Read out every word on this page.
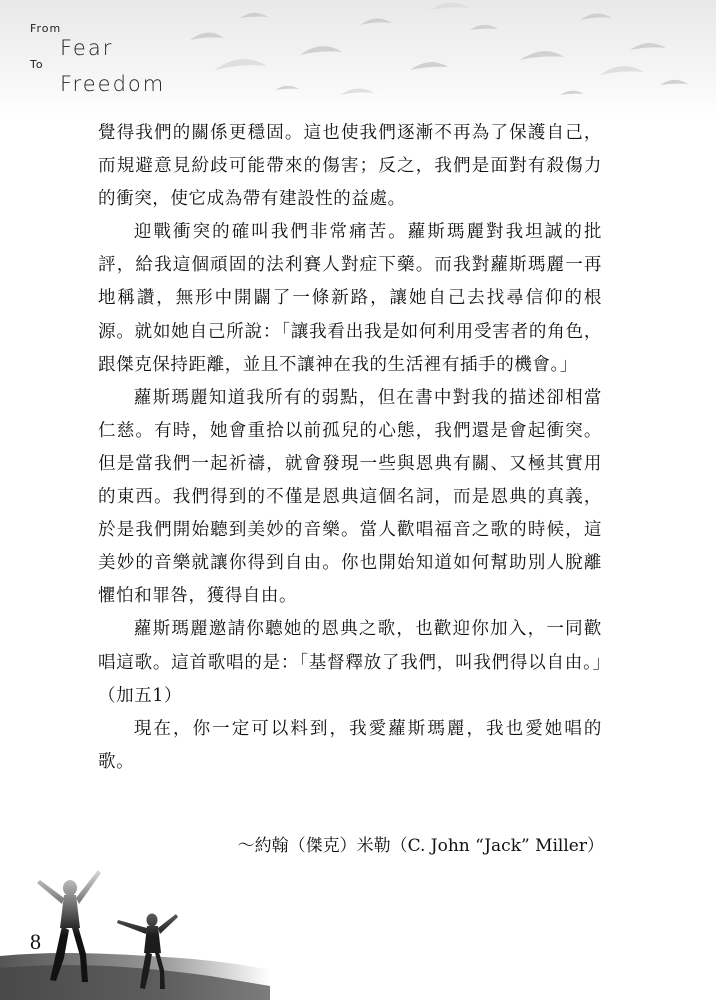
From
Fear
To
Freedom

覺得我們的關係更穩固。這也使我們逐漸不再為了保護自己，而規避意見紛歧可能帶來的傷害；反之，我們是面對有殺傷力的衝突，使它成為帶有建設性的益處。

迎戰衝突的確叫我們非常痛苦。蘿斯瑪麗對我坦誠的批評，給我這個頑固的法利賽人對症下藥。而我對蘿斯瑪麗一再地稱讚，無形中開闢了一條新路，讓她自己去找尋信仰的根源。就如她自己所說：「讓我看出我是如何利用受害者的角色，跟傑克保持距離，並且不讓神在我的生活裡有插手的機會。」

蘿斯瑪麗知道我所有的弱點，但在書中對我的描述卻相當仁慈。有時，她會重拾以前孤兒的心態，我們還是會起衝突。但是當我們一起祈禱，就會發現一些與恩典有關、又極其實用的東西。我們得到的不僅是恩典這個名詞，而是恩典的真義，於是我們開始聽到美妙的音樂。當人歡唱福音之歌的時候，這美妙的音樂就讓你得到自由。你也開始知道如何幫助別人脫離懼怕和罪咎，獲得自由。

蘿斯瑪麗邀請你聽她的恩典之歌，也歡迎你加入，一同歡唱這歌。這首歌唱的是：「基督釋放了我們，叫我們得以自由。」（加五1）

現在，你一定可以料到，我愛蘿斯瑪麗，我也愛她唱的歌。

～約翰（傑克）米勒（C. John “Jack” Miller）
8
